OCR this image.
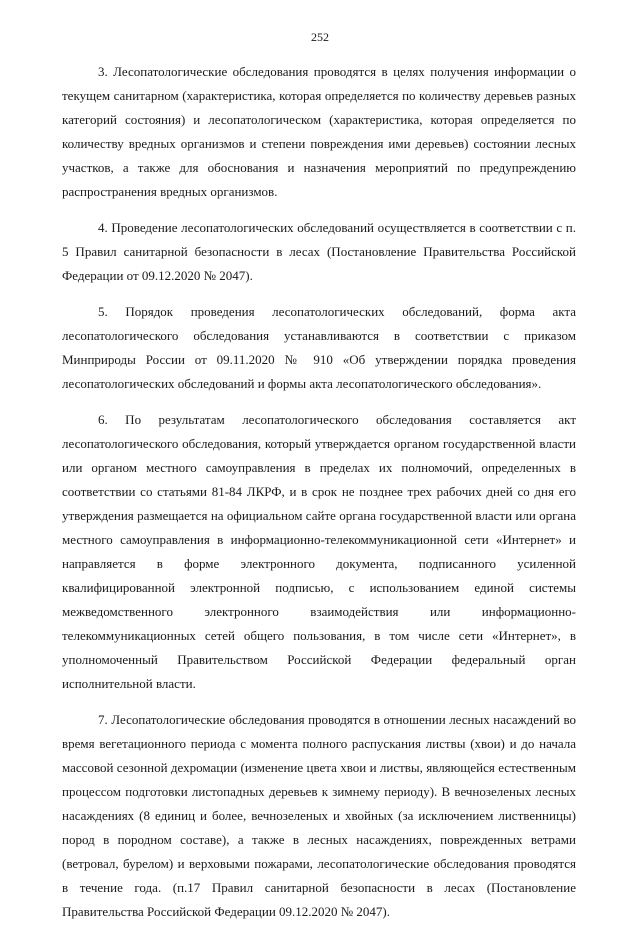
252

3. Лесопатологические обследования проводятся в целях получения информации о текущем санитарном (характеристика, которая определяется по количеству деревьев разных категорий состояния) и лесопатологическом (характеристика, которая определяется по количеству вредных организмов и степени повреждения ими деревьев) состоянии лесных участков, а также для обоснования и назначения мероприятий по предупреждению распространения вредных организмов.

4. Проведение лесопатологических обследований осуществляется в соответствии с п. 5 Правил санитарной безопасности в лесах (Постановление Правительства Российской Федерации от 09.12.2020 № 2047).

5. Порядок проведения лесопатологических обследований, форма акта лесопатологического обследования устанавливаются в соответствии с приказом Минприроды России от 09.11.2020 № 910 «Об утверждении порядка проведения лесопатологических обследований и формы акта лесопатологического обследования».

6. По результатам лесопатологического обследования составляется акт лесопатологического обследования, который утверждается органом государственной власти или органом местного самоуправления в пределах их полномочий, определенных в соответствии со статьями 81-84 ЛКРФ, и в срок не позднее трех рабочих дней со дня его утверждения размещается на официальном сайте органа государственной власти или органа местного самоуправления в информационно-телекоммуникационной сети «Интернет» и направляется в форме электронного документа, подписанного усиленной квалифицированной электронной подписью, с использованием единой системы межведомственного электронного взаимодействия или информационно-телекоммуникационных сетей общего пользования, в том числе сети «Интернет», в уполномоченный Правительством Российской Федерации федеральный орган исполнительной власти.

7. Лесопатологические обследования проводятся в отношении лесных насаждений во время вегетационного периода с момента полного распускания листвы (хвои) и до начала массовой сезонной дехромации (изменение цвета хвои и листвы, являющейся естественным процессом подготовки листопадных деревьев к зимнему периоду). В вечнозеленых лесных насаждениях (8 единиц и более, вечнозеленых и хвойных (за исключением лиственницы) пород в породном составе), а также в лесных насаждениях, поврежденных ветрами (ветровал, бурелом) и верховыми пожарами, лесопатологические обследования проводятся в течение года. (п.17 Правил санитарной безопасности в лесах (Постановление Правительства Российской Федерации 09.12.2020 № 2047).
